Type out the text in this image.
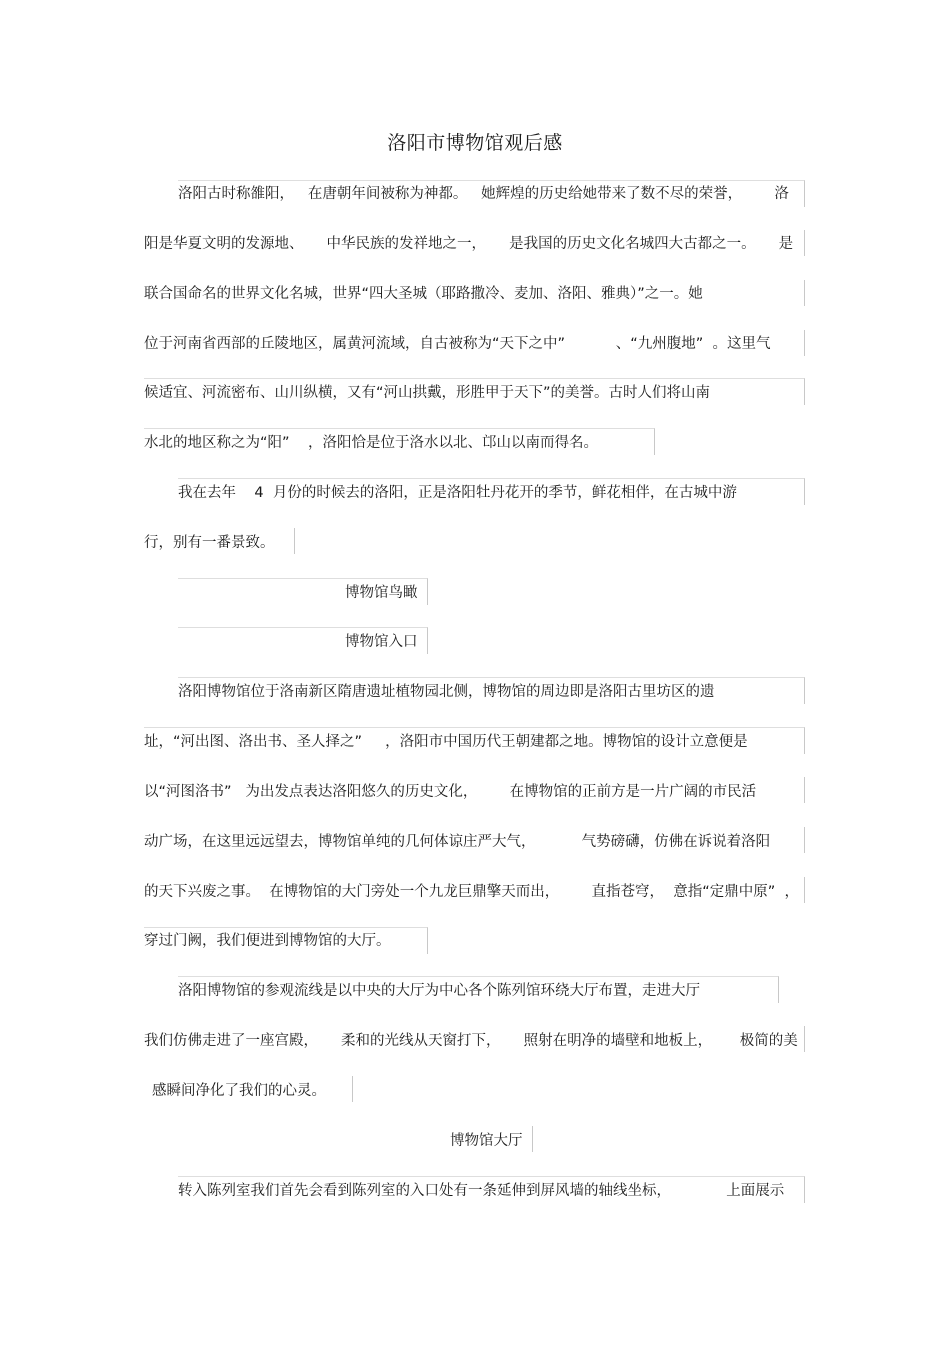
洛阳市博物馆观后感
洛阳古时称雒阳，   在唐朝年间被称为神都。   她辉煌的历史给她带来了数不尽的荣誉，       洛
阳是华夏文明的发源地、     中华民族的发祥地之一，     是我国的历史文化名城四大古都之一。     是
联合国命名的世界文化名城，世界“四大圣城（耶路撒冷、麦加、洛阳、雅典）”之一。她
位于河南省西部的丘陵地区，属黄河流域，自古被称为“天下之中”           、“九州腹地”  。这里气
候适宜、河流密布、山川纵横，又有“河山拱戴，形胜甲于天下”的美誉。古时人们将山南
水北的地区称之为“阳”    ，洛阳恰是位于洛水以北、邙山以南而得名。
我在去年    4  月份的时候去的洛阳，正是洛阳牡丹花开的季节，鲜花相伴，在古城中游
行，别有一番景致。
博物馆鸟瞰
博物馆入口
洛阳博物馆位于洛南新区隋唐遗址植物园北侧，博物馆的周边即是洛阳古里坊区的遗
址，“河出图、洛出书、圣人择之”     ，洛阳市中国历代王朝建都之地。博物馆的设计立意便是
以“河图洛书”   为出发点表达洛阳悠久的历史文化，       在博物馆的正前方是一片广阔的市民活
动广场，在这里远远望去，博物馆单纯的几何体谅庄严大气，          气势磅礴，仿佛在诉说着洛阳
的天下兴废之事。  在博物馆的大门旁处一个九龙巨鼎擎天而出，       直指苍穹，  意指“定鼎中原”  ，
穿过门阙，我们便进到博物馆的大厅。
洛阳博物馆的参观流线是以中央的大厅为中心各个陈列馆环绕大厅布置，走进大厅
我们仿佛走进了一座宫殿，     柔和的光线从天窗打下，     照射在明净的墙壁和地板上，      极简的美
感瞬间净化了我们的心灵。
博物馆大厅
转入陈列室我们首先会看到陈列室的入口处有一条延伸到屏风墙的轴线坐标，            上面展示
